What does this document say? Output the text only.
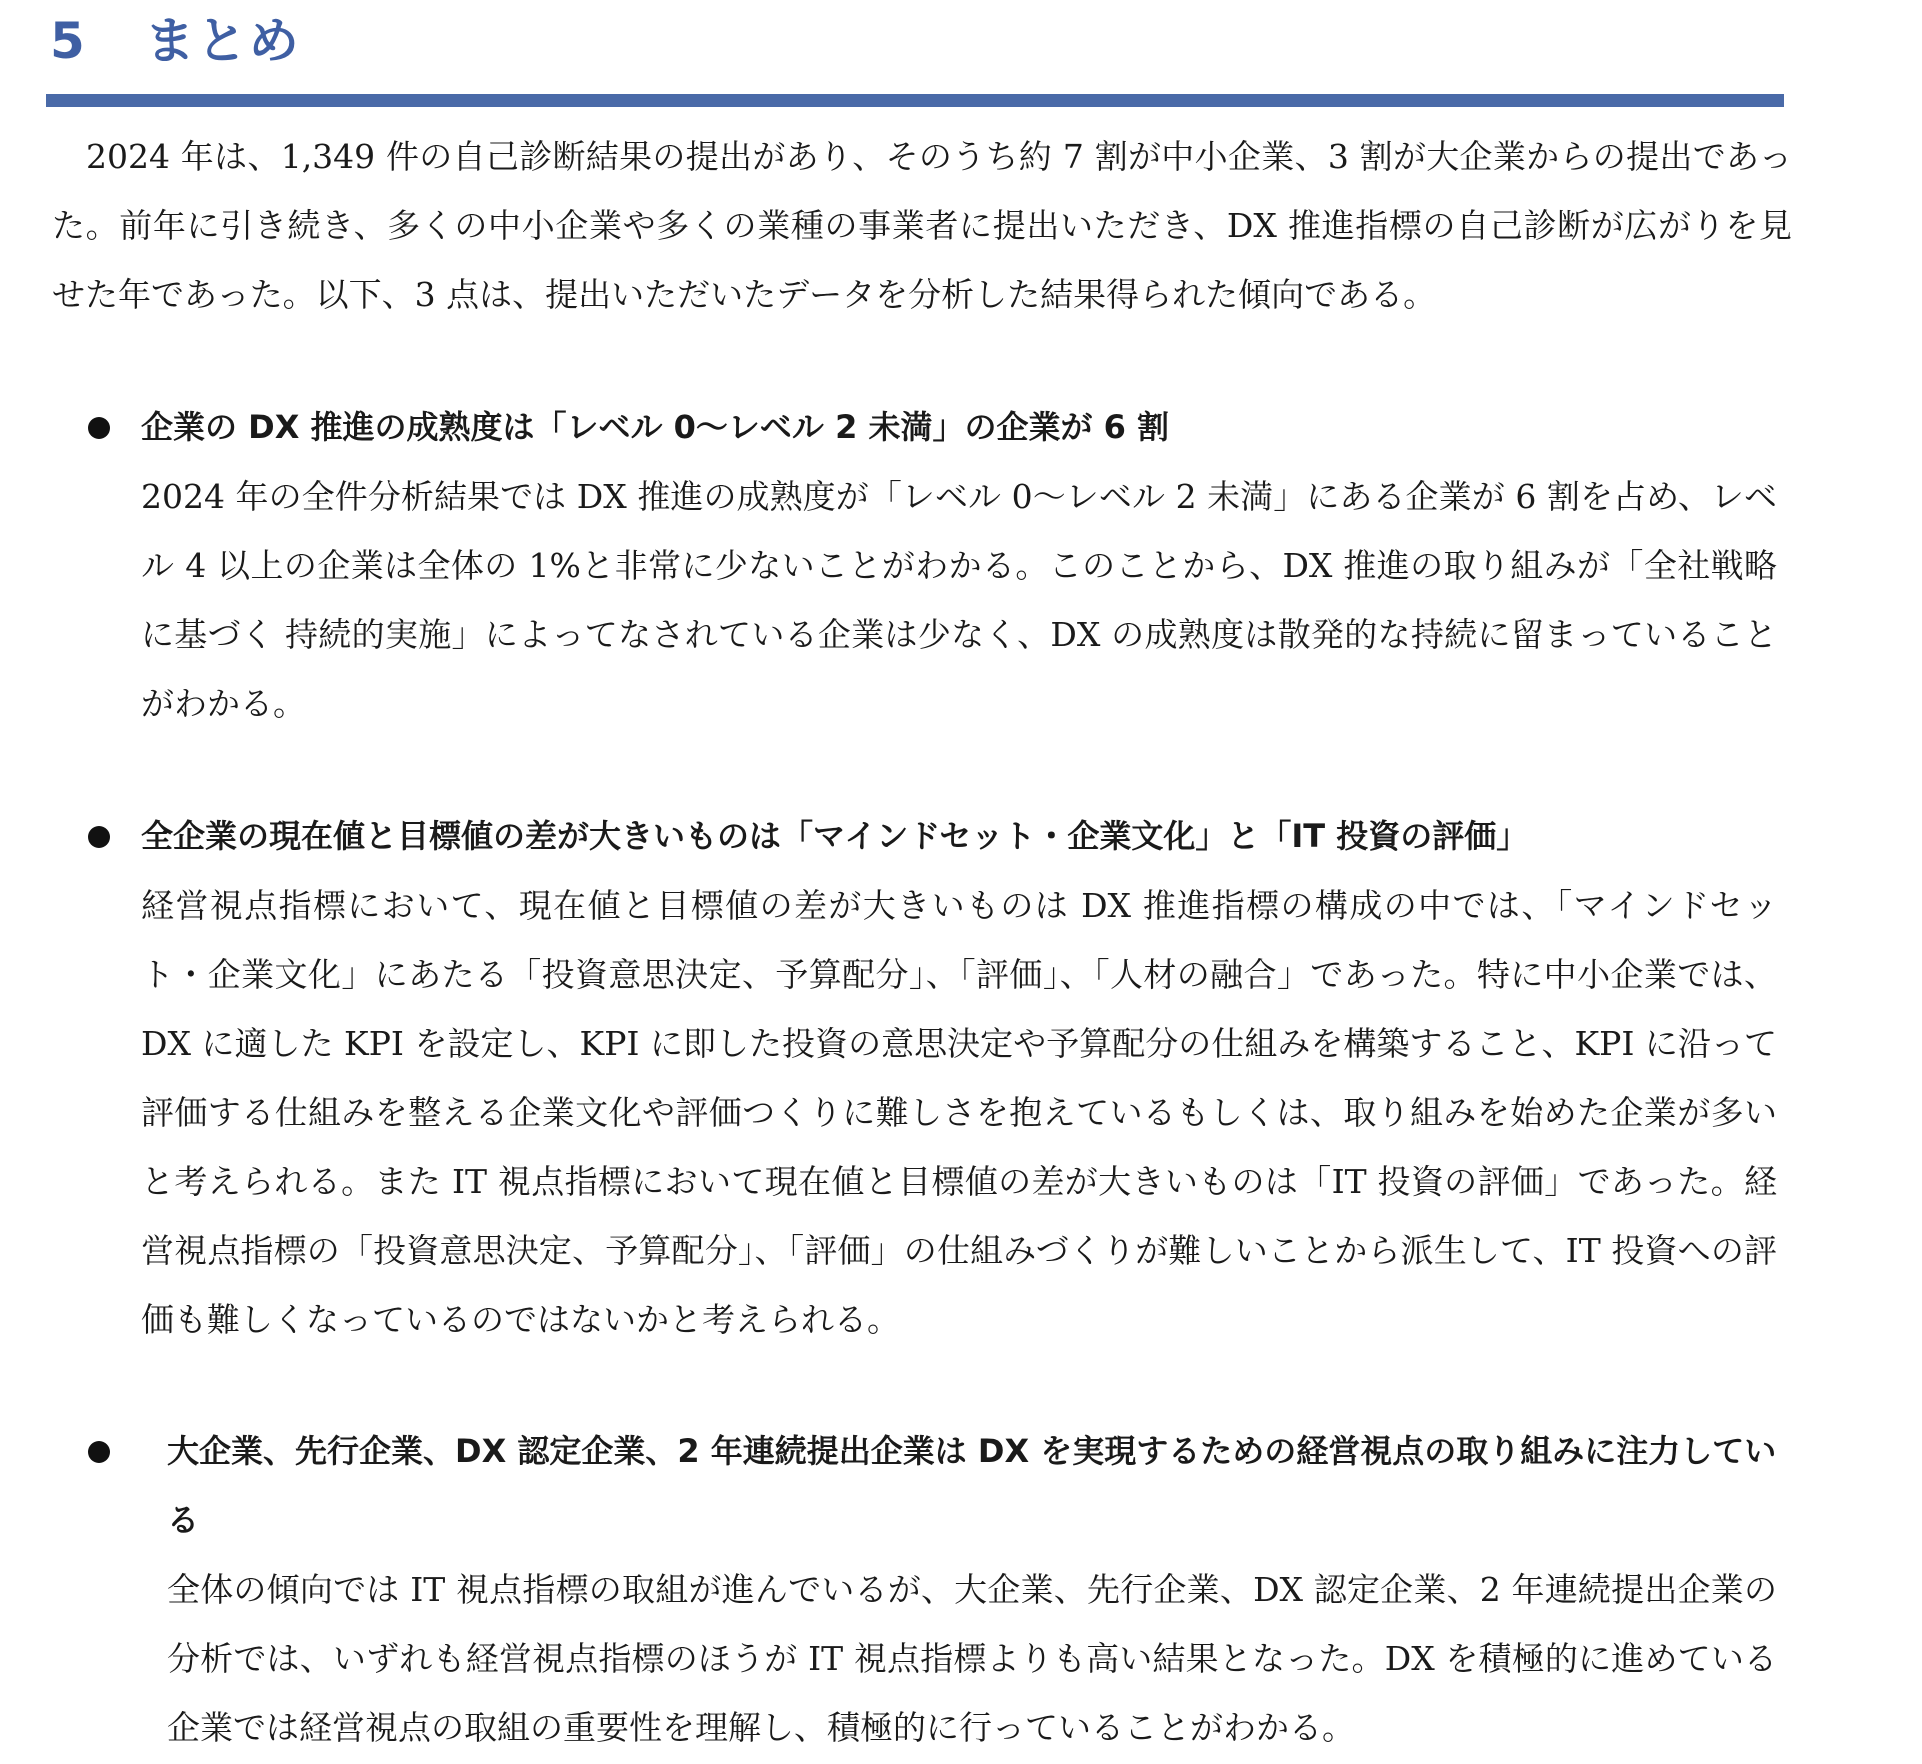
5 まとめ

2024 年は、1,349 件の自己診断結果の提出があり、そのうち約 7 割が中小企業、3 割が大企業からの提出であった。前年に引き続き、多くの中小企業や多くの業種の事業者に提出いただき、DX 推進指標の自己診断が広がりを見せた年であった。以下、3 点は、提出いただいたデータを分析した結果得られた傾向である。

企業の DX 推進の成熟度は「レベル 0～レベル 2 未満」の企業が 6 割

2024 年の全件分析結果では DX 推進の成熟度が「レベル 0～レベル 2 未満」にある企業が 6 割を占め、レベル 4 以上の企業は全体の 1%と非常に少ないことがわかる。このことから、DX 推進の取り組みが「全社戦略に基づく 持続的実施」によってなされている企業は少なく、DX の成熟度は散発的な持続に留まっていることがわかる。

全企業の現在値と目標値の差が大きいものは「マインドセット・企業文化」と「IT 投資の評価」

経営視点指標において、現在値と目標値の差が大きいものは DX 推進指標の構成の中では、「マインドセット・企業文化」にあたる「投資意思決定、予算配分」、「評価」、「人材の融合」であった。特に中小企業では、DX に適した KPI を設定し、KPI に即した投資の意思決定や予算配分の仕組みを構築すること、KPI に沿って評価する仕組みを整える企業文化や評価つくりに難しさを抱えているもしくは、取り組みを始めた企業が多いと考えられる。また IT 視点指標において現在値と目標値の差が大きいものは「IT 投資の評価」であった。経営視点指標の「投資意思決定、予算配分」、「評価」の仕組みづくりが難しいことから派生して、IT 投資への評価も難しくなっているのではないかと考えられる。

大企業、先行企業、DX 認定企業、2 年連続提出企業は DX を実現するための経営視点の取り組みに注力している

全体の傾向では IT 視点指標の取組が進んでいるが、大企業、先行企業、DX 認定企業、2 年連続提出企業の分析では、いずれも経営視点指標のほうが IT 視点指標よりも高い結果となった。DX を積極的に進めている企業では経営視点の取組の重要性を理解し、積極的に行っていることがわかる。
